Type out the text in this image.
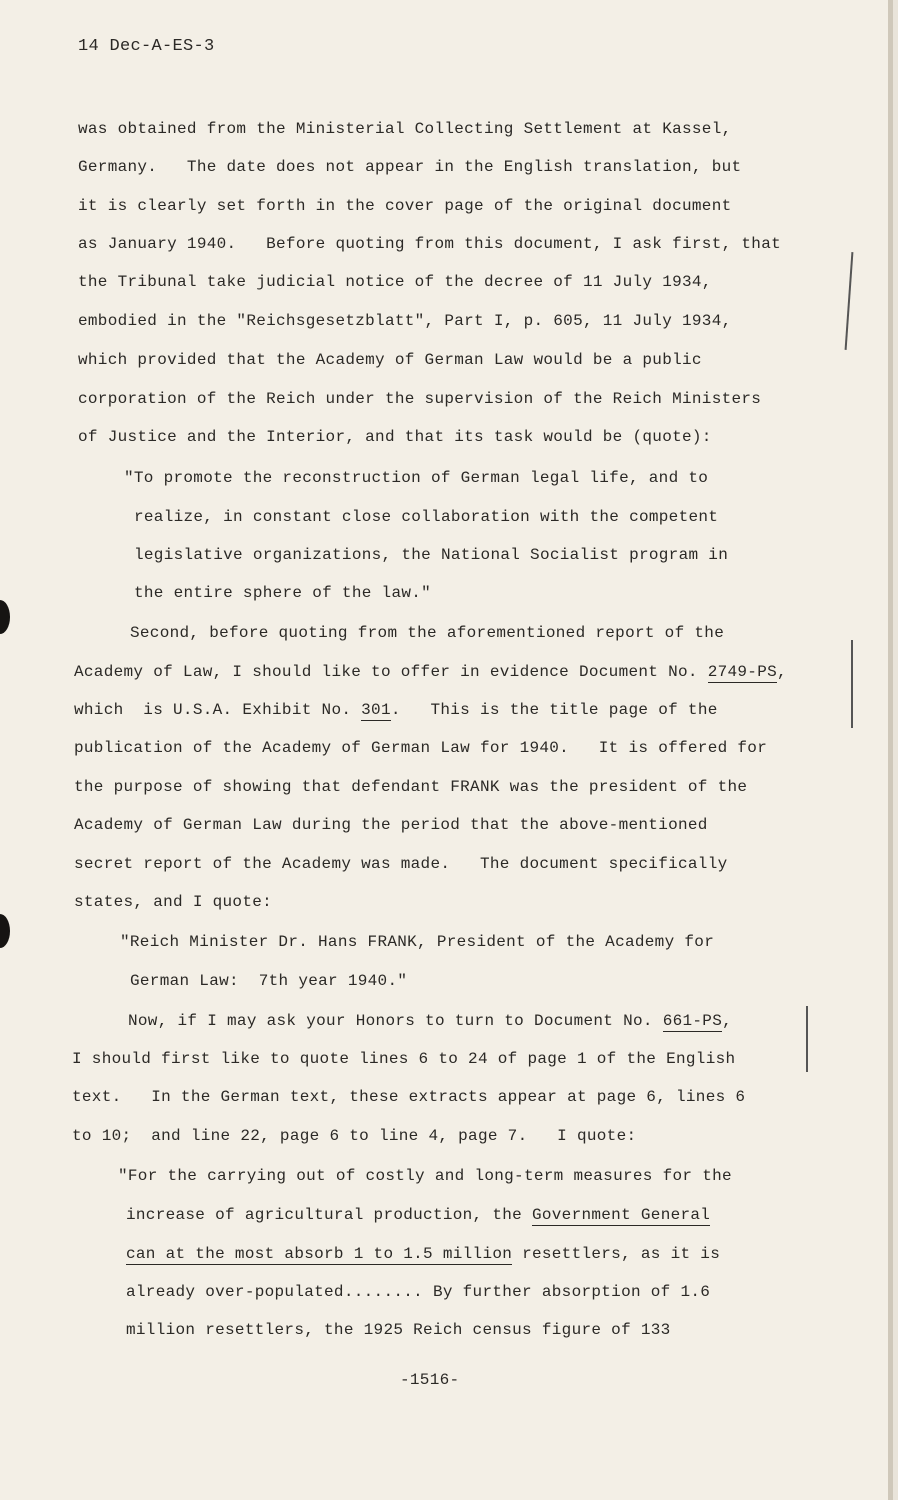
14 Dec-A-ES-3
was obtained from the Ministerial Collecting Settlement at Kassel,
Germany.   The date does not appear in the English translation, but
it is clearly set forth in the cover page of the original document
as January 1940.   Before quoting from this document, I ask first, that
the Tribunal take judicial notice of the decree of 11 July 1934,
embodied in the "Reichsgesetzblatt", Part I, p. 605, 11 July 1934,
which provided that the Academy of German Law would be a public
corporation of the Reich under the supervision of the Reich Ministers
of Justice and the Interior, and that its task would be (quote):
"To promote the reconstruction of German legal life, and to
realize, in constant close collaboration with the competent
legislative organizations, the National Socialist program in
the entire sphere of the law."
Second, before quoting from the aforementioned report of the
Academy of Law, I should like to offer in evidence Document No. 2749-PS,
which  is U.S.A. Exhibit No. 301.   This is the title page of the
publication of the Academy of German Law for 1940.   It is offered for
the purpose of showing that defendant FRANK was the president of the
Academy of German Law during the period that the above-mentioned
secret report of the Academy was made.   The document specifically
states, and I quote:
"Reich Minister Dr. Hans FRANK, President of the Academy for
German Law:  7th year 1940."
Now, if I may ask your Honors to turn to Document No. 661-PS,
I should first like to quote lines 6 to 24 of page 1 of the English
text.   In the German text, these extracts appear at page 6, lines 6
to 10;  and line 22, page 6 to line 4, page 7.   I quote:
"For the carrying out of costly and long-term measures for the
increase of agricultural production, the Government General
can at the most absorb 1 to 1.5 million resettlers, as it is
already over-populated........ By further absorption of 1.6
million resettlers, the 1925 Reich census figure of 133
-1516-
